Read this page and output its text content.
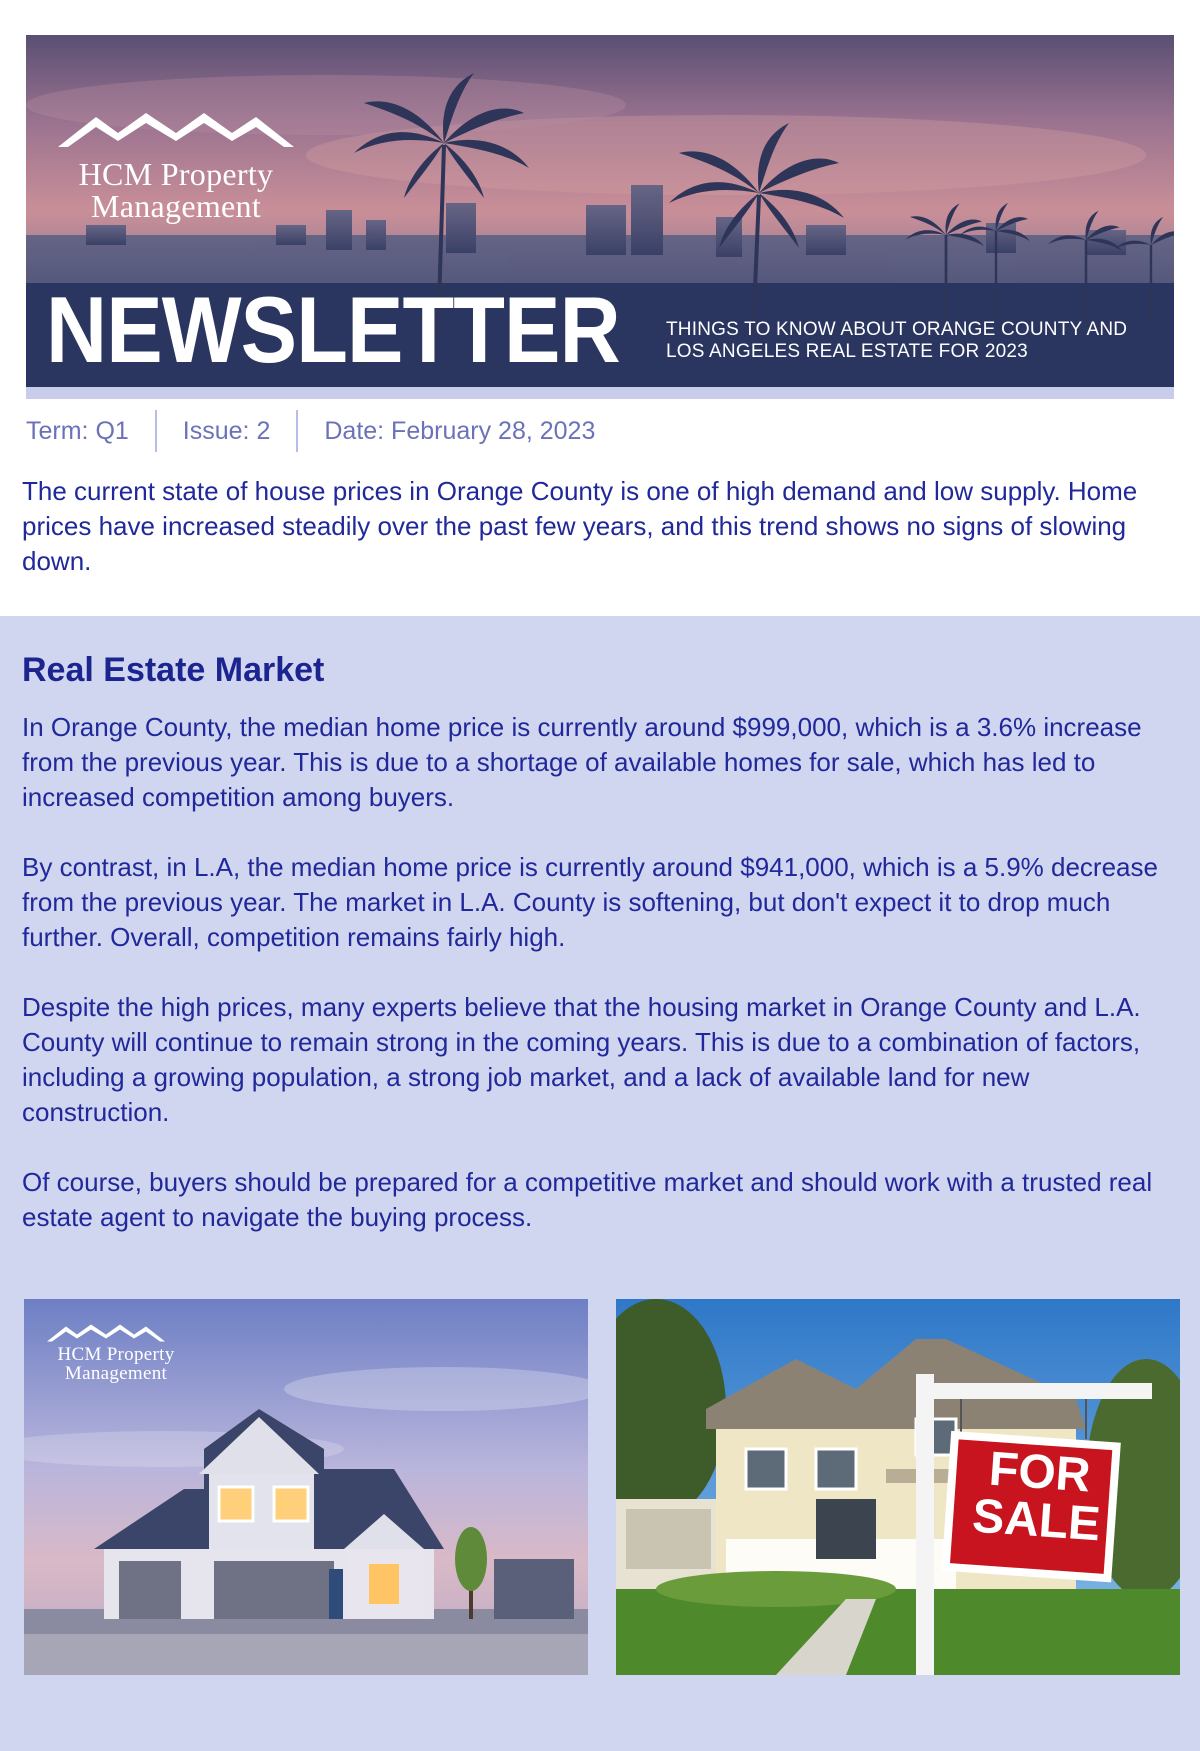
HCM Property
Management
NEWSLETTER THINGS TO KNOW ABOUT ORANGE COUNTY AND
LOS ANGELES REAL ESTATE FOR 2023
Term: Q1 Issue: 2 Date: February 28, 2023

The current state of house prices in Orange County is one of high demand and low supply. Home prices have increased steadily over the past few years, and this trend shows no signs of slowing down.

Real Estate Market

In Orange County, the median home price is currently around $999,000, which is a 3.6% increase from the previous year. This is due to a shortage of available homes for sale, which has led to increased competition among buyers.

By contrast, in L.A, the median home price is currently around $941,000, which is a 5.9% decrease from the previous year. The market in L.A. County is softening, but don't expect it to drop much further. Overall, competition remains fairly high.

Despite the high prices, many experts believe that the housing market in Orange County and L.A. County will continue to remain strong in the coming years. This is due to a combination of factors, including a growing population, a strong job market, and a lack of available land for new construction.

Of course, buyers should be prepared for a competitive market and should work with a trusted real estate agent to navigate the buying process.

HCM Property
Management
FOR
SALE
